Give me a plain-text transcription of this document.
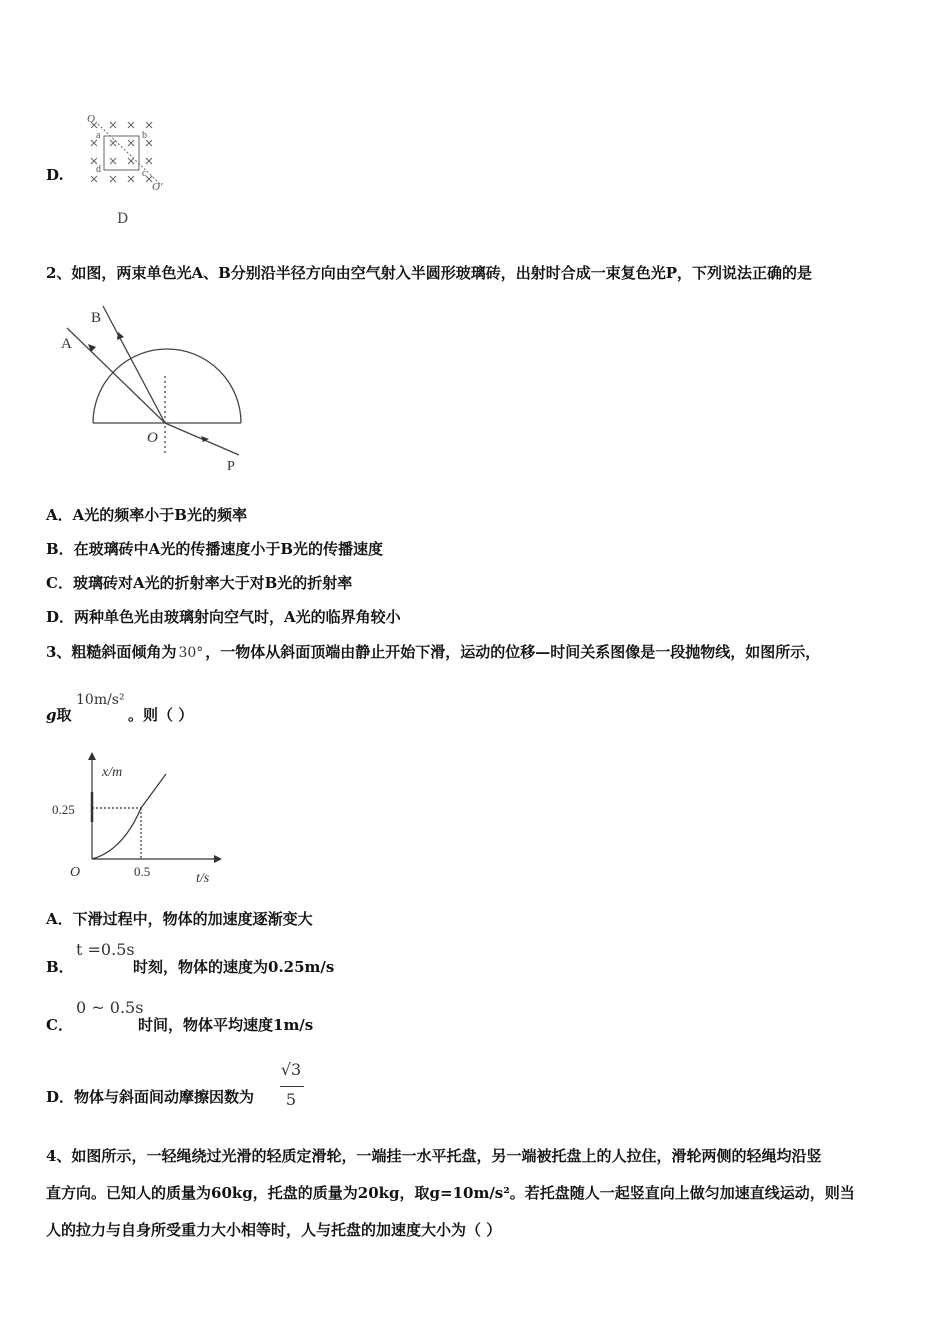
D.
O
a	b
d	c
O'
D
2、如图，两束单色光A、B分别沿半径方向由空气射入半圆形玻璃砖，出射时合成一束复色光P，下列说法正确的是
A
B
O
P
A．A光的频率小于B光的频率
B．在玻璃砖中A光的传播速度小于B光的传播速度
C．玻璃砖对A光的折射率大于对B光的折射率
D．两种单色光由玻璃射向空气时，A光的临界角较小
3、粗糙斜面倾角为 30° ，一物体从斜面顶端由静止开始下滑，运动的位移—时间关系图像是一段抛物线，如图所示，
g取
10m/s²
。则（ ）
x/m
0.25
O	0.5	t/s
A．下滑过程中，物体的加速度逐渐变大
B．
t =0.5s
时刻，物体的速度为0.25m/s
C．
0 ~ 0.5s
时间，物体平均速度1m/s
D．物体与斜面间动摩擦因数为
√3
5
4、如图所示，一轻绳绕过光滑的轻质定滑轮，一端挂一水平托盘，另一端被托盘上的人拉住，滑轮两侧的轻绳均沿竖
直方向。已知人的质量为60kg，托盘的质量为20kg，取g=10m/s²。若托盘随人一起竖直向上做匀加速直线运动，则当
人的拉力与自身所受重力大小相等时，人与托盘的加速度大小为（ ）
